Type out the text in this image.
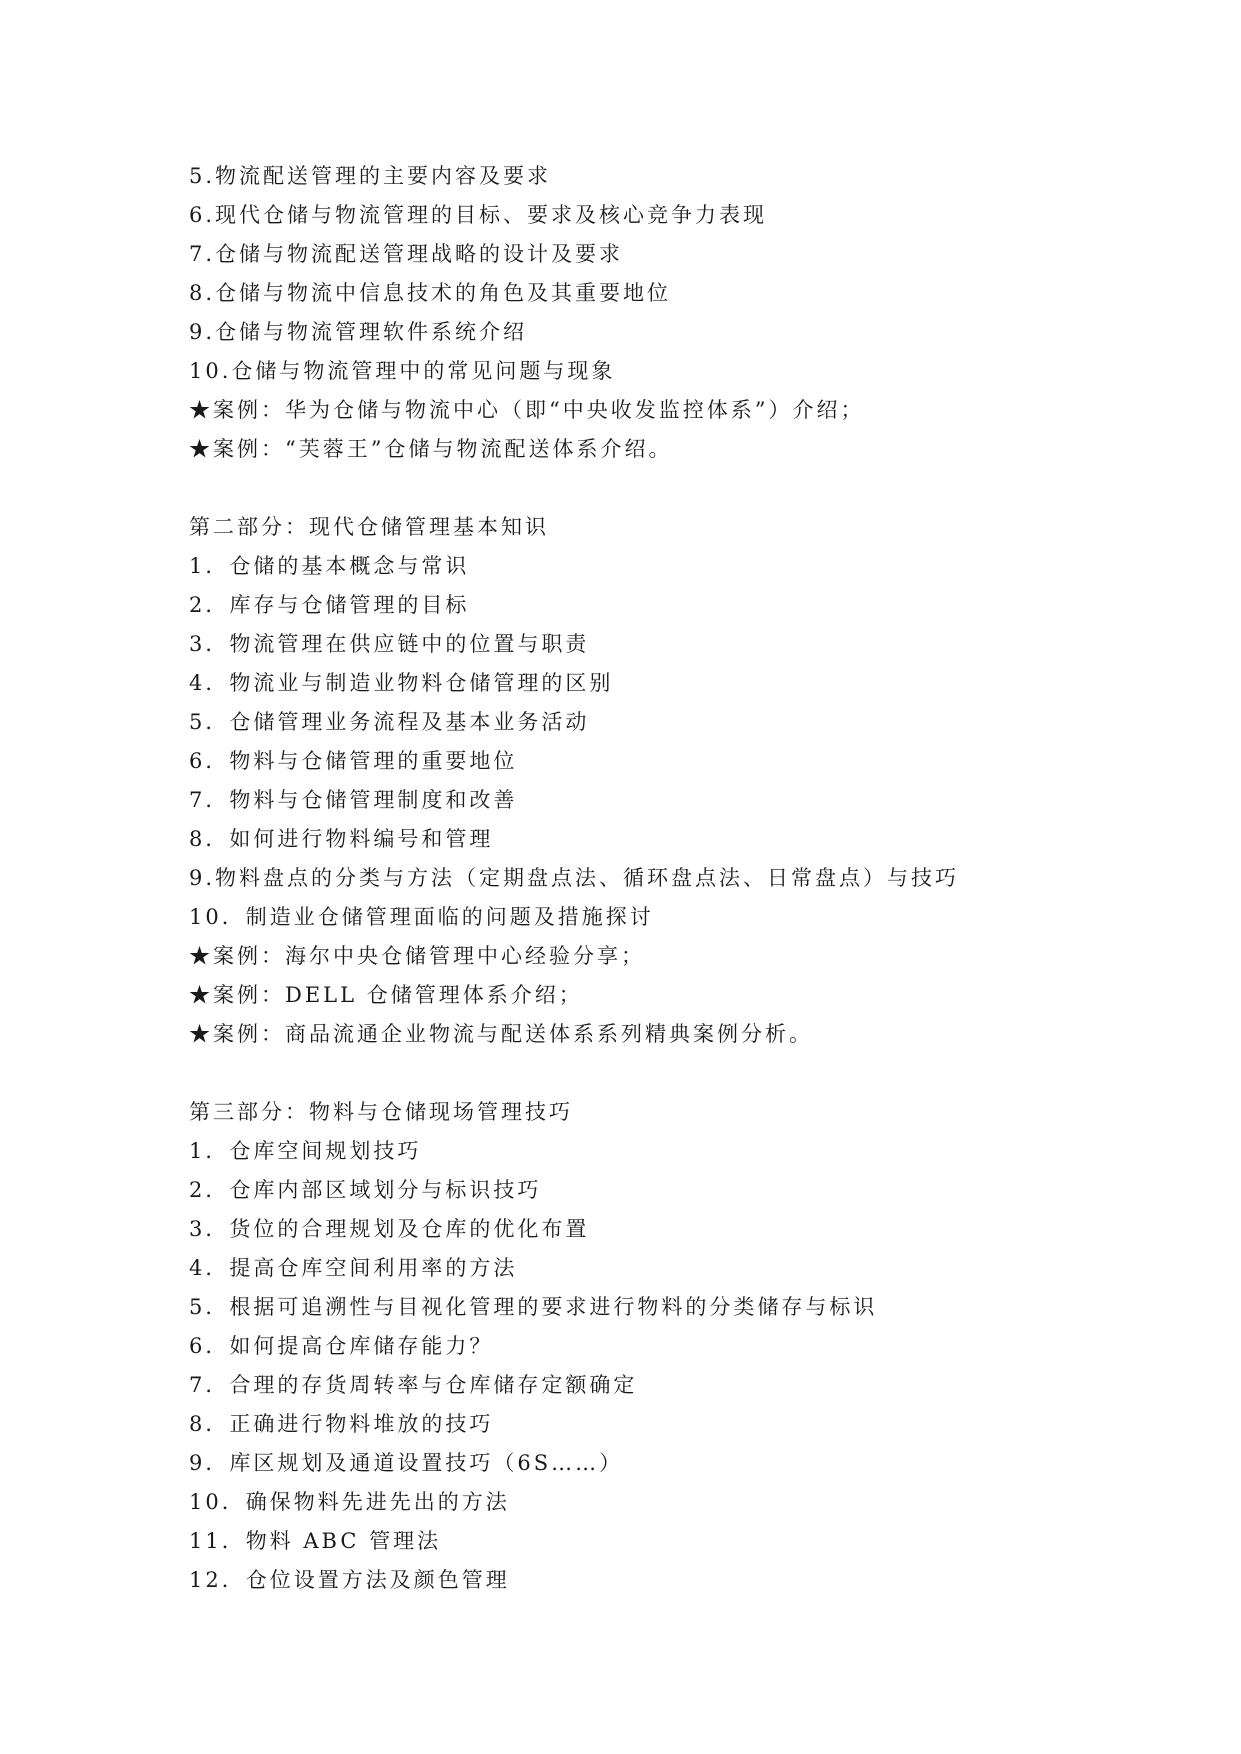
5.物流配送管理的主要内容及要求
6.现代仓储与物流管理的目标、要求及核心竞争力表现
7.仓储与物流配送管理战略的设计及要求
8.仓储与物流中信息技术的角色及其重要地位
9.仓储与物流管理软件系统介绍
10.仓储与物流管理中的常见问题与现象
★案例：华为仓储与物流中心（即“中央收发监控体系”）介绍；
★案例：“芙蓉王”仓储与物流配送体系介绍。
第二部分：现代仓储管理基本知识
1．仓储的基本概念与常识
2．库存与仓储管理的目标
3．物流管理在供应链中的位置与职责
4．物流业与制造业物料仓储管理的区别
5．仓储管理业务流程及基本业务活动
6．物料与仓储管理的重要地位
7．物料与仓储管理制度和改善
8．如何进行物料编号和管理
9.物料盘点的分类与方法（定期盘点法、循环盘点法、日常盘点）与技巧
10．制造业仓储管理面临的问题及措施探讨
★案例：海尔中央仓储管理中心经验分享；
★案例：DELL 仓储管理体系介绍；
★案例：商品流通企业物流与配送体系系列精典案例分析。
第三部分：物料与仓储现场管理技巧
1．仓库空间规划技巧
2．仓库内部区域划分与标识技巧
3．货位的合理规划及仓库的优化布置
4．提高仓库空间利用率的方法
5．根据可追溯性与目视化管理的要求进行物料的分类储存与标识
6．如何提高仓库储存能力？
7．合理的存货周转率与仓库储存定额确定
8．正确进行物料堆放的技巧
9．库区规划及通道设置技巧（6S……）
10．确保物料先进先出的方法
11．物料 ABC 管理法
12．仓位设置方法及颜色管理
